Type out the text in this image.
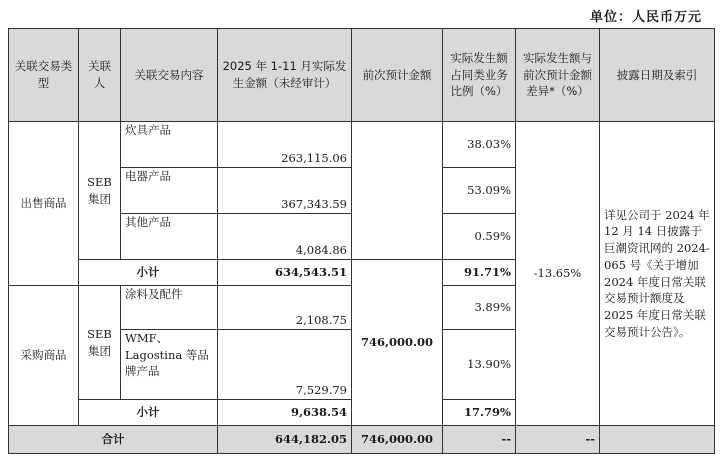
单位：人民币万元
关联交易类型	关联人	关联交易内容	2025 年 1-11 月实际发生金额（未经审计）	前次预计金额	实际发生额占同类业务比例（%）	实际发生额与前次预计金额差异*（%）	披露日期及索引
出售商品	SEB 集团	炊具产品	263,115.06		38.03%	-13.65%	详见公司于 2024 年 12 月 14 日披露于巨潮资讯网的 2024-065 号《关于增加 2024 年度日常关联交易预计额度及 2025 年度日常关联交易预计公告》。
		电器产品	367,343.59		53.09%		
		其他产品	4,084.86		0.59%		
	小计		634,543.51	746,000.00	91.71%		
采购商品	SEB 集团	涂料及配件	2,108.75		3.89%		
		WMF、Lagostina 等品牌产品	7,529.79		13.90%		
	小计		9,638.54		17.79%		
合计			644,182.05	746,000.00	--	--	
